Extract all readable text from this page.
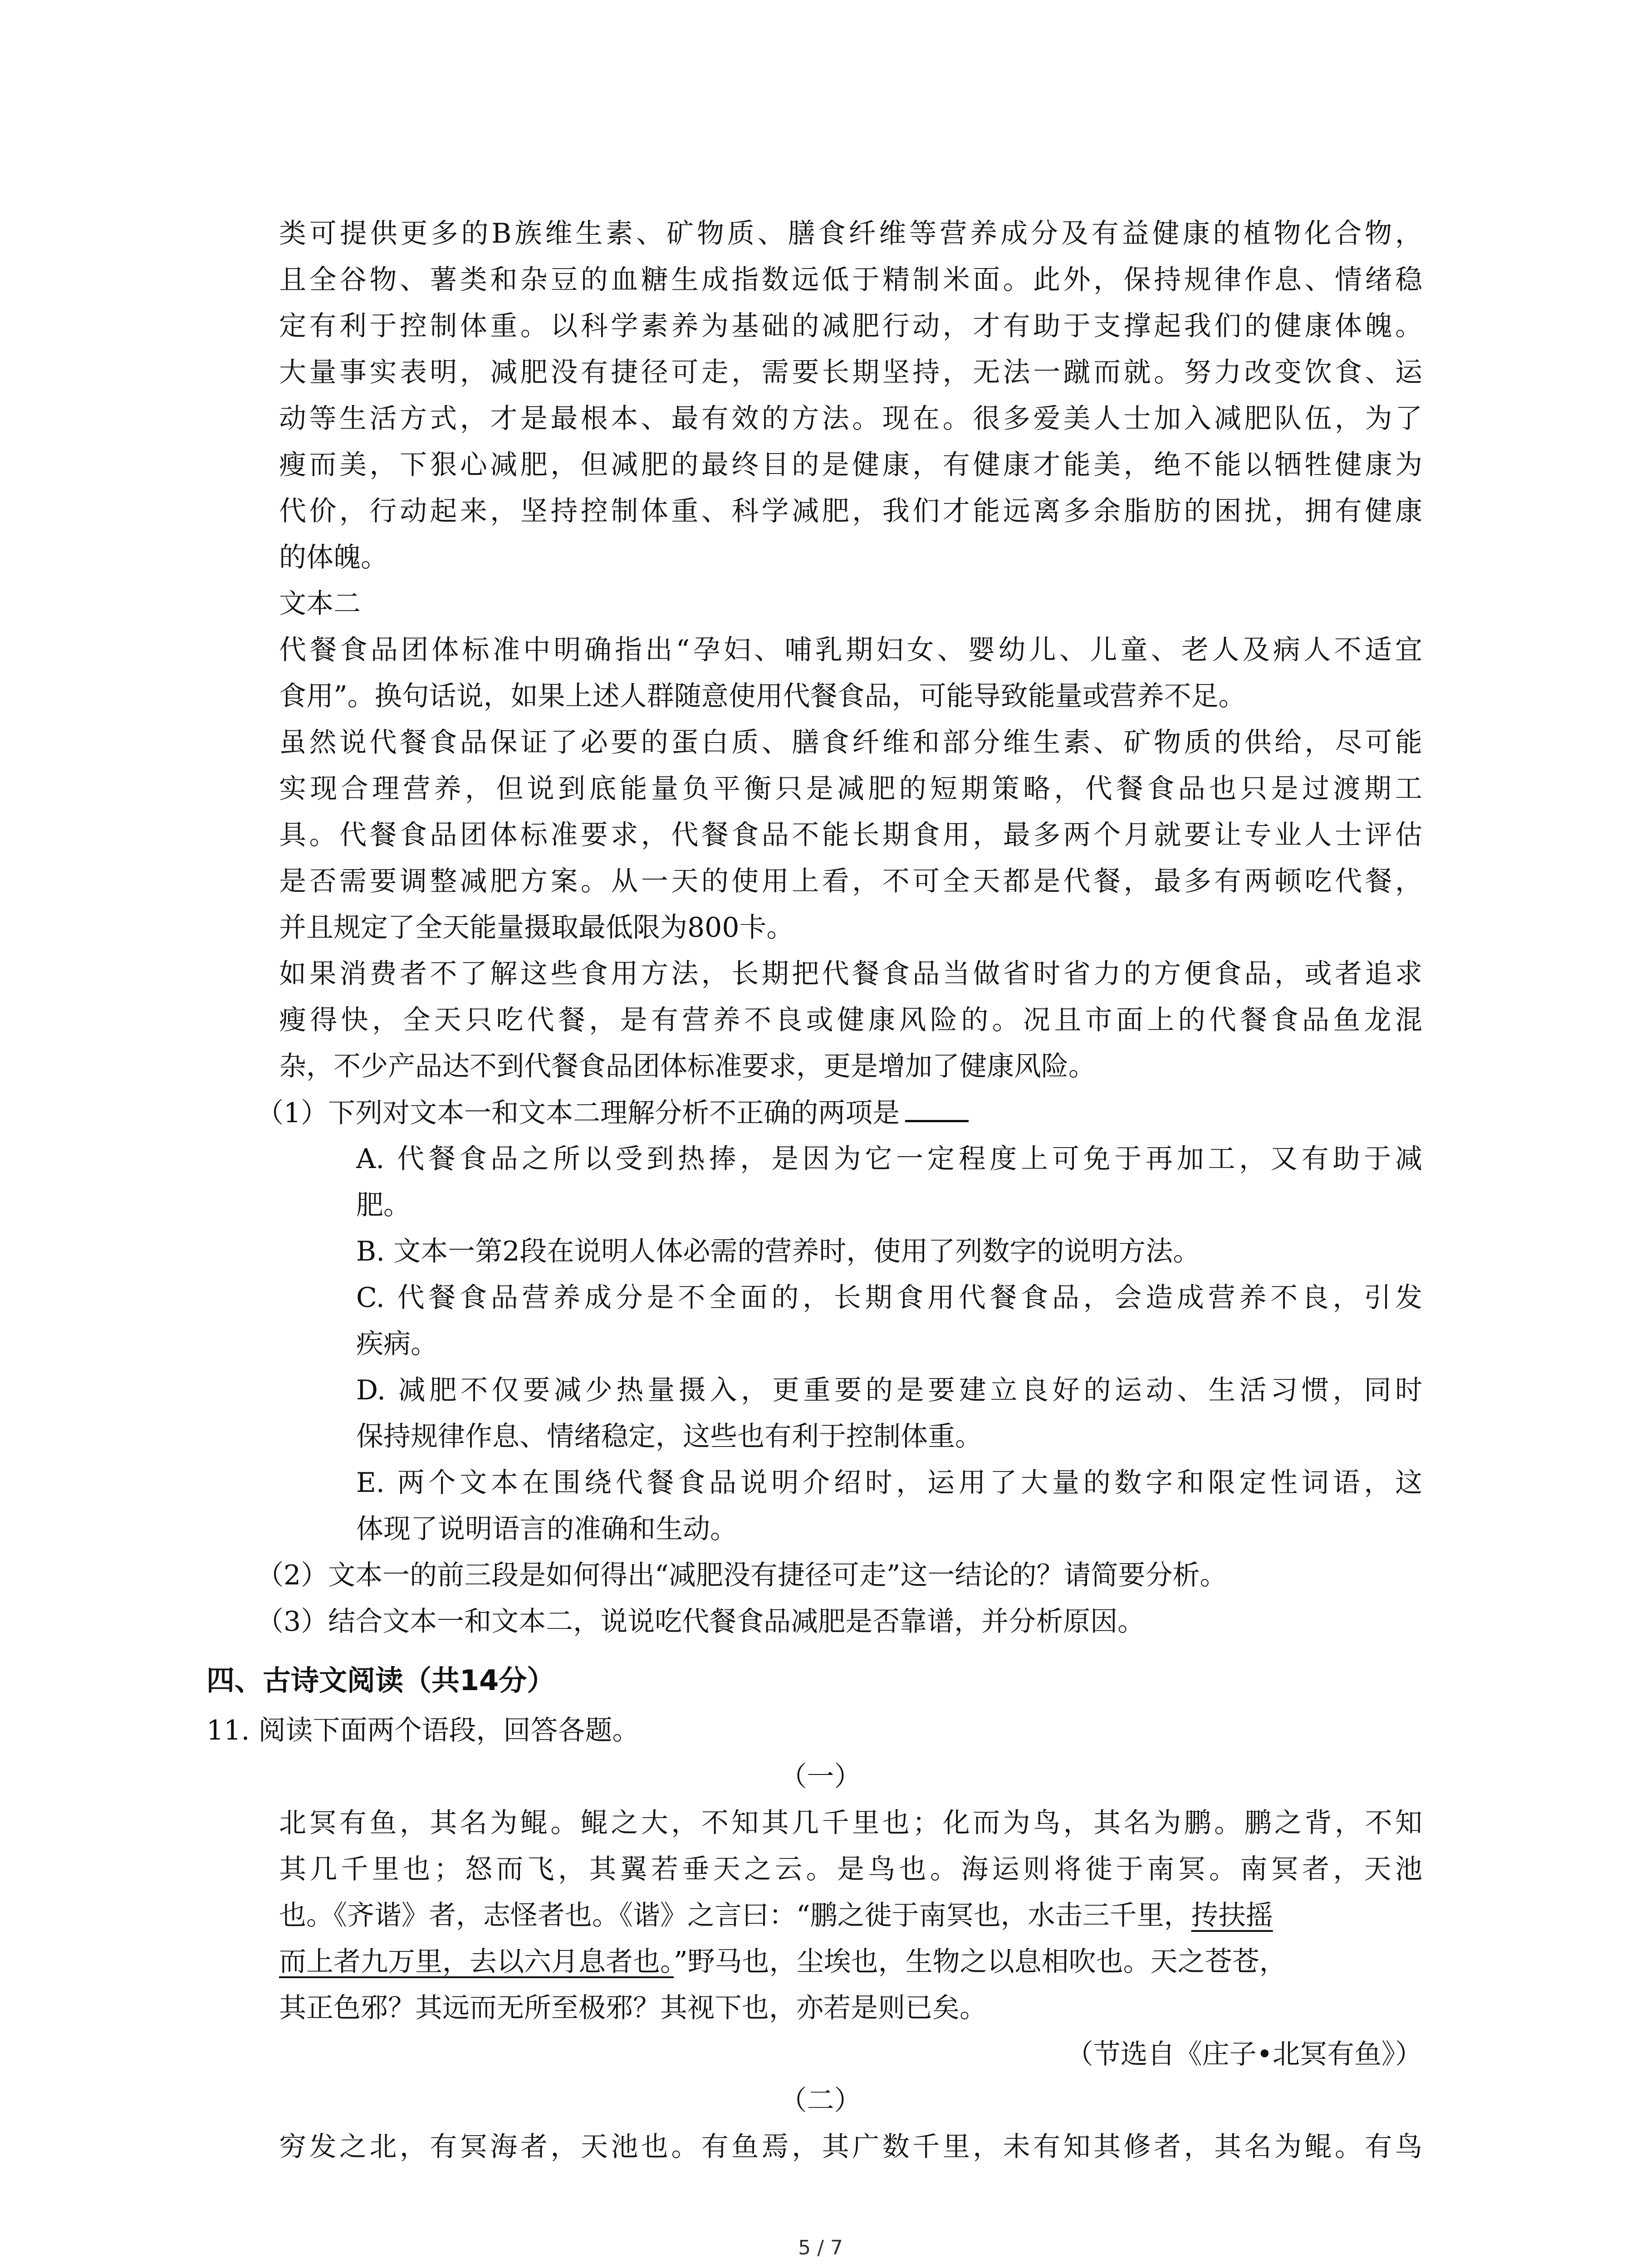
类可提供更多的B族维生素、矿物质、膳食纤维等营养成分及有益健康的植物化合物，
且全谷物、薯类和杂豆的血糖生成指数远低于精制米面。此外，保持规律作息、情绪稳
定有利于控制体重。以科学素养为基础的减肥行动，才有助于支撑起我们的健康体魄。
大量事实表明，减肥没有捷径可走，需要长期坚持，无法一蹴而就。努力改变饮食、运
动等生活方式，才是最根本、最有效的方法。现在。很多爱美人士加入减肥队伍，为了
瘦而美，下狠心减肥，但减肥的最终目的是健康，有健康才能美，绝不能以牺牲健康为
代价，行动起来，坚持控制体重、科学减肥，我们才能远离多余脂肪的困扰，拥有健康
的体魄。
文本二
代餐食品团体标准中明确指出“孕妇、哺乳期妇女、婴幼儿、儿童、老人及病人不适宜
食用”。换句话说，如果上述人群随意使用代餐食品，可能导致能量或营养不足。
虽然说代餐食品保证了必要的蛋白质、膳食纤维和部分维生素、矿物质的供给，尽可能
实现合理营养，但说到底能量负平衡只是减肥的短期策略，代餐食品也只是过渡期工
具。代餐食品团体标准要求，代餐食品不能长期食用，最多两个月就要让专业人士评估
是否需要调整减肥方案。从一天的使用上看，不可全天都是代餐，最多有两顿吃代餐，
并且规定了全天能量摄取最低限为800卡。
如果消费者不了解这些食用方法，长期把代餐食品当做省时省力的方便食品，或者追求
瘦得快，全天只吃代餐，是有营养不良或健康风险的。况且市面上的代餐食品鱼龙混
杂，不少产品达不到代餐食品团体标准要求，更是增加了健康风险。
（1）下列对文本一和文本二理解分析不正确的两项是
A. 代餐食品之所以受到热捧，是因为它一定程度上可免于再加工，又有助于减
肥。
B. 文本一第2段在说明人体必需的营养时，使用了列数字的说明方法。
C. 代餐食品营养成分是不全面的，长期食用代餐食品，会造成营养不良，引发
疾病。
D. 减肥不仅要减少热量摄入，更重要的是要建立良好的运动、生活习惯，同时
保持规律作息、情绪稳定，这些也有利于控制体重。
E. 两个文本在围绕代餐食品说明介绍时，运用了大量的数字和限定性词语，这
体现了说明语言的准确和生动。
（2）文本一的前三段是如何得出“减肥没有捷径可走”这一结论的？请简要分析。
（3）结合文本一和文本二，说说吃代餐食品减肥是否靠谱，并分析原因。
四、古诗文阅读（共14分）
11. 阅读下面两个语段，回答各题。
（一）
北冥有鱼，其名为鲲。鲲之大，不知其几千里也；化而为鸟，其名为鹏。鹏之背，不知
其几千里也；怒而飞，其翼若垂天之云。是鸟也。海运则将徙于南冥。南冥者，天池
也。《齐谐》者，志怪者也。《谐》之言曰：“鹏之徙于南冥也，水击三千里，抟扶摇
而上者九万里，去以六月息者也。”野马也，尘埃也，生物之以息相吹也。天之苍苍，
其正色邪？其远而无所至极邪？其视下也，亦若是则已矣。
（节选自《庄子•北冥有鱼》）
（二）
穷发之北，有冥海者，天池也。有鱼焉，其广数千里，未有知其修者，其名为鲲。有鸟
5 / 7
